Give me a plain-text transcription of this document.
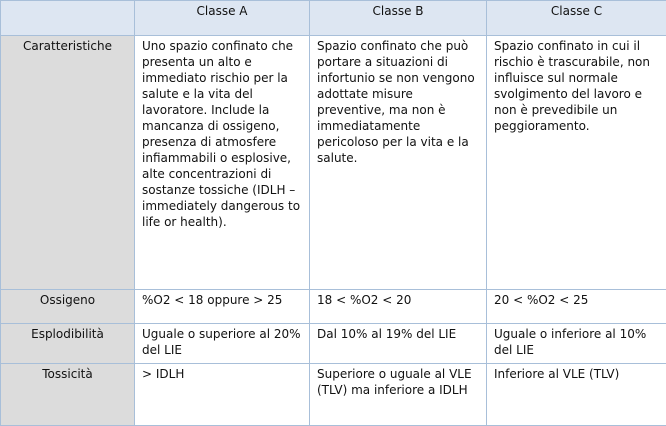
	Classe A	Classe B	Classe C
Caratteristiche	Uno spazio confinato che presenta un alto e immediato rischio per la salute e la vita del lavoratore. Include la mancanza di ossigeno, presenza di atmosfere infiammabili o esplosive, alte concentrazioni di sostanze tossiche (IDLH – immediately dangerous to life or health).	Spazio confinato che può portare a situazioni di infortunio se non vengono adottate misure preventive, ma non è immediatamente pericoloso per la vita e la salute.	Spazio confinato in cui il rischio è trascurabile, non influisce sul normale svolgimento del lavoro e non è prevedibile un peggioramento.
Ossigeno	%O2 < 18 oppure > 25	18 < %O2 < 20	20 < %O2 < 25
Esplodibilità	Uguale o superiore al 20% del LIE	Dal 10% al 19% del LIE	Uguale o inferiore al 10% del LIE
Tossicità	> IDLH	Superiore o uguale al VLE (TLV) ma inferiore a IDLH	Inferiore al VLE (TLV)
